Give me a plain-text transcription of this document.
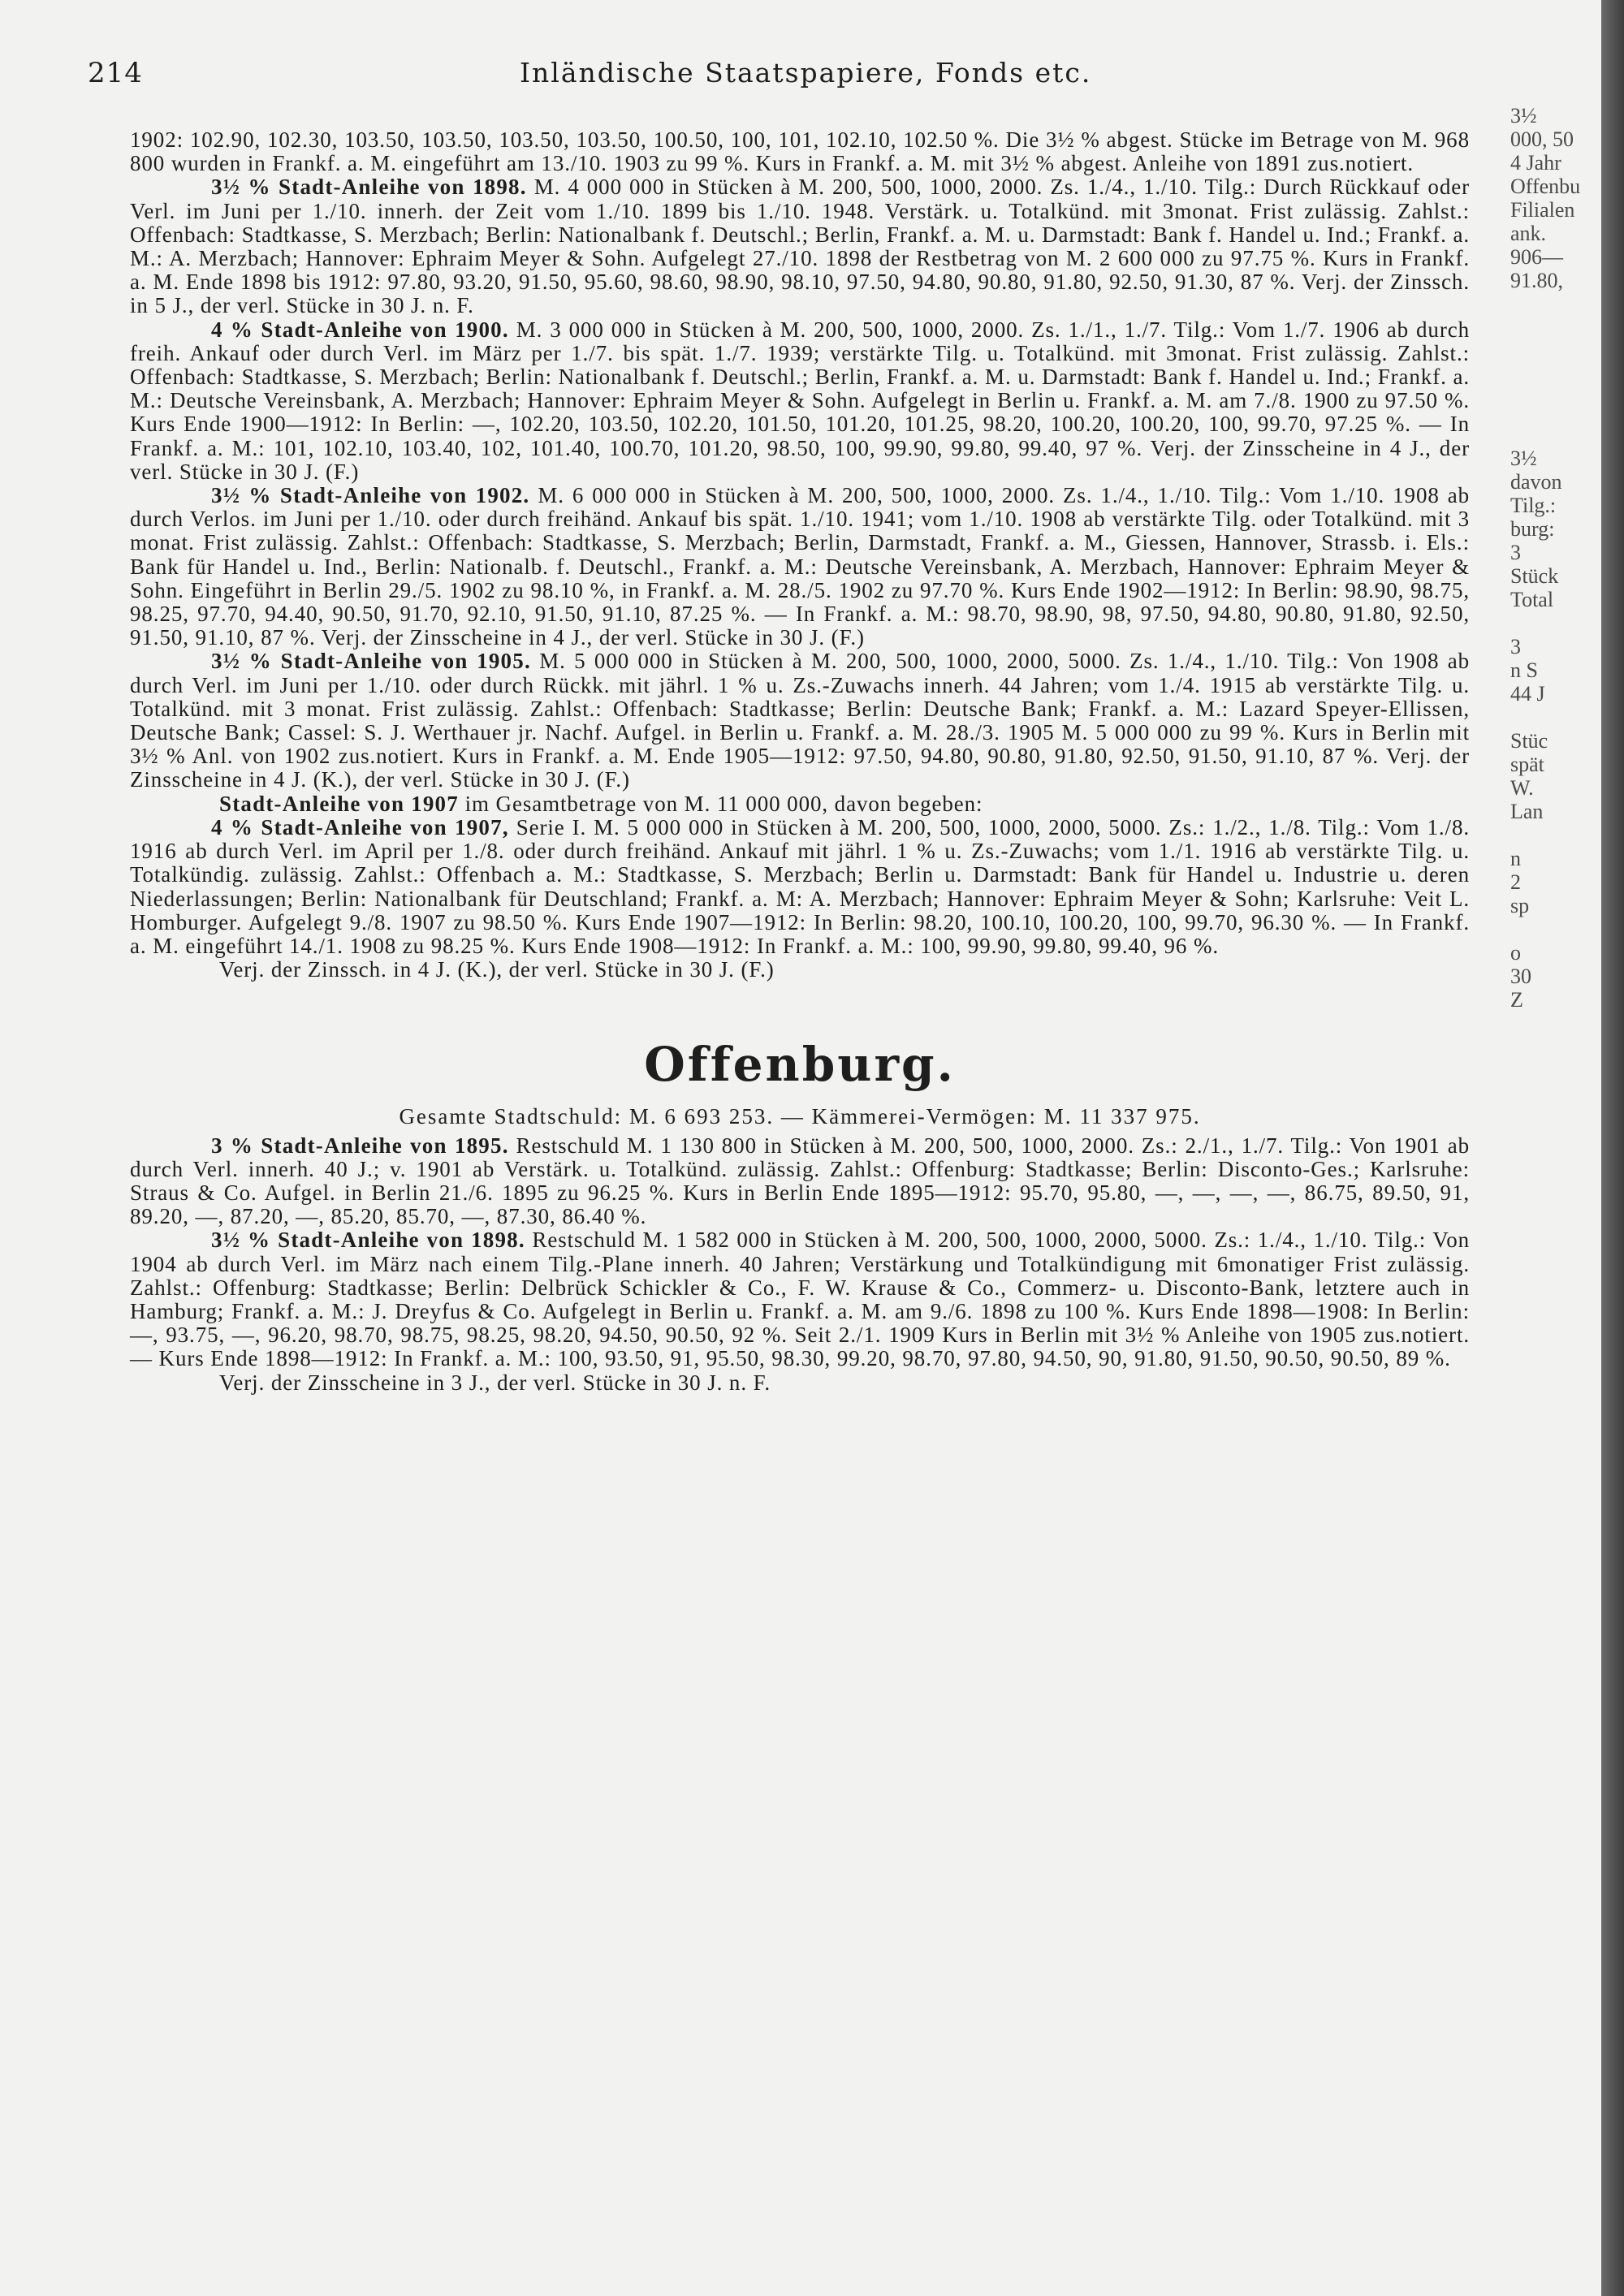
214	Inländische Staatspapiere, Fonds etc.

1902: 102.90, 102.30, 103.50, 103.50, 103.50, 103.50, 100.50, 100, 101, 102.10, 102.50 %. Die 3½ % abgest. Stücke im Betrage von M. 968 800 wurden in Frankf. a. M. eingeführt am 13./10. 1903 zu 99 %. Kurs in Frankf. a. M. mit 3½ % abgest. Anleihe von 1891 zus.notiert.

3½ % Stadt-Anleihe von 1898. M. 4 000 000 in Stücken à M. 200, 500, 1000, 2000. Zs. 1./4., 1./10. Tilg.: Durch Rückkauf oder Verl. im Juni per 1./10. innerh. der Zeit vom 1./10. 1899 bis 1./10. 1948. Verstärk. u. Totalkünd. mit 3monat. Frist zulässig. Zahlst.: Offenbach: Stadtkasse, S. Merzbach; Berlin: Nationalbank f. Deutschl.; Berlin, Frankf. a. M. u. Darmstadt: Bank f. Handel u. Ind.; Frankf. a. M.: A. Merzbach; Hannover: Ephraim Meyer & Sohn. Aufgelegt 27./10. 1898 der Restbetrag von M. 2 600 000 zu 97.75 %. Kurs in Frankf. a. M. Ende 1898 bis 1912: 97.80, 93.20, 91.50, 95.60, 98.60, 98.90, 98.10, 97.50, 94.80, 90.80, 91.80, 92.50, 91.30, 87 %. Verj. der Zinssch. in 5 J., der verl. Stücke in 30 J. n. F.

4 % Stadt-Anleihe von 1900. M. 3 000 000 in Stücken à M. 200, 500, 1000, 2000. Zs. 1./1., 1./7. Tilg.: Vom 1./7. 1906 ab durch freih. Ankauf oder durch Verl. im März per 1./7. bis spät. 1./7. 1939; verstärkte Tilg. u. Totalkünd. mit 3monat. Frist zulässig. Zahlst.: Offenbach: Stadtkasse, S. Merzbach; Berlin: Nationalbank f. Deutschl.; Berlin, Frankf. a. M. u. Darmstadt: Bank f. Handel u. Ind.; Frankf. a. M.: Deutsche Vereinsbank, A. Merzbach; Hannover: Ephraim Meyer & Sohn. Aufgelegt in Berlin u. Frankf. a. M. am 7./8. 1900 zu 97.50 %. Kurs Ende 1900—1912: In Berlin: —, 102.20, 103.50, 102.20, 101.50, 101.20, 101.25, 98.20, 100.20, 100.20, 100, 99.70, 97.25 %. — In Frankf. a. M.: 101, 102.10, 103.40, 102, 101.40, 100.70, 101.20, 98.50, 100, 99.90, 99.80, 99.40, 97 %. Verj. der Zinsscheine in 4 J., der verl. Stücke in 30 J. (F.)

3½ % Stadt-Anleihe von 1902. M. 6 000 000 in Stücken à M. 200, 500, 1000, 2000. Zs. 1./4., 1./10. Tilg.: Vom 1./10. 1908 ab durch Verlos. im Juni per 1./10. oder durch freihänd. Ankauf bis spät. 1./10. 1941; vom 1./10. 1908 ab verstärkte Tilg. oder Totalkünd. mit 3 monat. Frist zulässig. Zahlst.: Offenbach: Stadtkasse, S. Merzbach; Berlin, Darmstadt, Frankf. a. M., Giessen, Hannover, Strassb. i. Els.: Bank für Handel u. Ind., Berlin: Nationalb. f. Deutschl., Frankf. a. M.: Deutsche Vereinsbank, A. Merzbach, Hannover: Ephraim Meyer & Sohn. Eingeführt in Berlin 29./5. 1902 zu 98.10 %, in Frankf. a. M. 28./5. 1902 zu 97.70 %. Kurs Ende 1902—1912: In Berlin: 98.90, 98.75, 98.25, 97.70, 94.40, 90.50, 91.70, 92.10, 91.50, 91.10, 87.25 %. — In Frankf. a. M.: 98.70, 98.90, 98, 97.50, 94.80, 90.80, 91.80, 92.50, 91.50, 91.10, 87 %. Verj. der Zinsscheine in 4 J., der verl. Stücke in 30 J. (F.)

3½ % Stadt-Anleihe von 1905. M. 5 000 000 in Stücken à M. 200, 500, 1000, 2000, 5000. Zs. 1./4., 1./10. Tilg.: Von 1908 ab durch Verl. im Juni per 1./10. oder durch Rückk. mit jährl. 1 % u. Zs.-Zuwachs innerh. 44 Jahren; vom 1./4. 1915 ab verstärkte Tilg. u. Totalkünd. mit 3 monat. Frist zulässig. Zahlst.: Offenbach: Stadtkasse; Berlin: Deutsche Bank; Frankf. a. M.: Lazard Speyer-Ellissen, Deutsche Bank; Cassel: S. J. Werthauer jr. Nachf. Aufgel. in Berlin u. Frankf. a. M. 28./3. 1905 M. 5 000 000 zu 99 %. Kurs in Berlin mit 3½ % Anl. von 1902 zus.notiert. Kurs in Frankf. a. M. Ende 1905—1912: 97.50, 94.80, 90.80, 91.80, 92.50, 91.50, 91.10, 87 %. Verj. der Zinsscheine in 4 J. (K.), der verl. Stücke in 30 J. (F.)

Stadt-Anleihe von 1907 im Gesamtbetrage von M. 11 000 000, davon begeben:

4 % Stadt-Anleihe von 1907, Serie I. M. 5 000 000 in Stücken à M. 200, 500, 1000, 2000, 5000. Zs.: 1./2., 1./8. Tilg.: Vom 1./8. 1916 ab durch Verl. im April per 1./8. oder durch freihänd. Ankauf mit jährl. 1 % u. Zs.-Zuwachs; vom 1./1. 1916 ab verstärkte Tilg. u. Totalkündig. zulässig. Zahlst.: Offenbach a. M.: Stadtkasse, S. Merzbach; Berlin u. Darmstadt: Bank für Handel u. Industrie u. deren Niederlassungen; Berlin: Nationalbank für Deutschland; Frankf. a. M: A. Merzbach; Hannover: Ephraim Meyer & Sohn; Karlsruhe: Veit L. Homburger. Aufgelegt 9./8. 1907 zu 98.50 %. Kurs Ende 1907—1912: In Berlin: 98.20, 100.10, 100.20, 100, 99.70, 96.30 %. — In Frankf. a. M. eingeführt 14./1. 1908 zu 98.25 %. Kurs Ende 1908—1912: In Frankf. a. M.: 100, 99.90, 99.80, 99.40, 96 %.

Verj. der Zinssch. in 4 J. (K.), der verl. Stücke in 30 J. (F.)

Offenburg.

Gesamte Stadtschuld: M. 6 693 253. — Kämmerei-Vermögen: M. 11 337 975.

3 % Stadt-Anleihe von 1895. Restschuld M. 1 130 800 in Stücken à M. 200, 500, 1000, 2000. Zs.: 2./1., 1./7. Tilg.: Von 1901 ab durch Verl. innerh. 40 J.; v. 1901 ab Verstärk. u. Totalkünd. zulässig. Zahlst.: Offenburg: Stadtkasse; Berlin: Disconto-Ges.; Karlsruhe: Straus & Co. Aufgel. in Berlin 21./6. 1895 zu 96.25 %. Kurs in Berlin Ende 1895—1912: 95.70, 95.80, —, —, —, —, 86.75, 89.50, 91, 89.20, —, 87.20, —, 85.20, 85.70, —, 87.30, 86.40 %.

3½ % Stadt-Anleihe von 1898. Restschuld M. 1 582 000 in Stücken à M. 200, 500, 1000, 2000, 5000. Zs.: 1./4., 1./10. Tilg.: Von 1904 ab durch Verl. im März nach einem Tilg.-Plane innerh. 40 Jahren; Verstärkung und Totalkündigung mit 6monatiger Frist zulässig. Zahlst.: Offenburg: Stadtkasse; Berlin: Delbrück Schickler & Co., F. W. Krause & Co., Commerz- u. Disconto-Bank, letztere auch in Hamburg; Frankf. a. M.: J. Dreyfus & Co. Aufgelegt in Berlin u. Frankf. a. M. am 9./6. 1898 zu 100 %. Kurs Ende 1898—1908: In Berlin: —, 93.75, —, 96.20, 98.70, 98.75, 98.25, 98.20, 94.50, 90.50, 92 %. Seit 2./1. 1909 Kurs in Berlin mit 3½ % Anleihe von 1905 zus.notiert. — Kurs Ende 1898—1912: In Frankf. a. M.: 100, 93.50, 91, 95.50, 98.30, 99.20, 98.70, 97.80, 94.50, 90, 91.80, 91.50, 90.50, 90.50, 89 %.

Verj. der Zinsscheine in 3 J., der verl. Stücke in 30 J. n. F.

3½
000, 50
4 Jahr
Offenbu
Filialen
ank.
906—
91.80,
3½
davon
Tilg.:
burg:
3
Stück
Total

3
n S
44 J

Stüc
spät
W.
Lan

n
2
sp

o
30
Z
